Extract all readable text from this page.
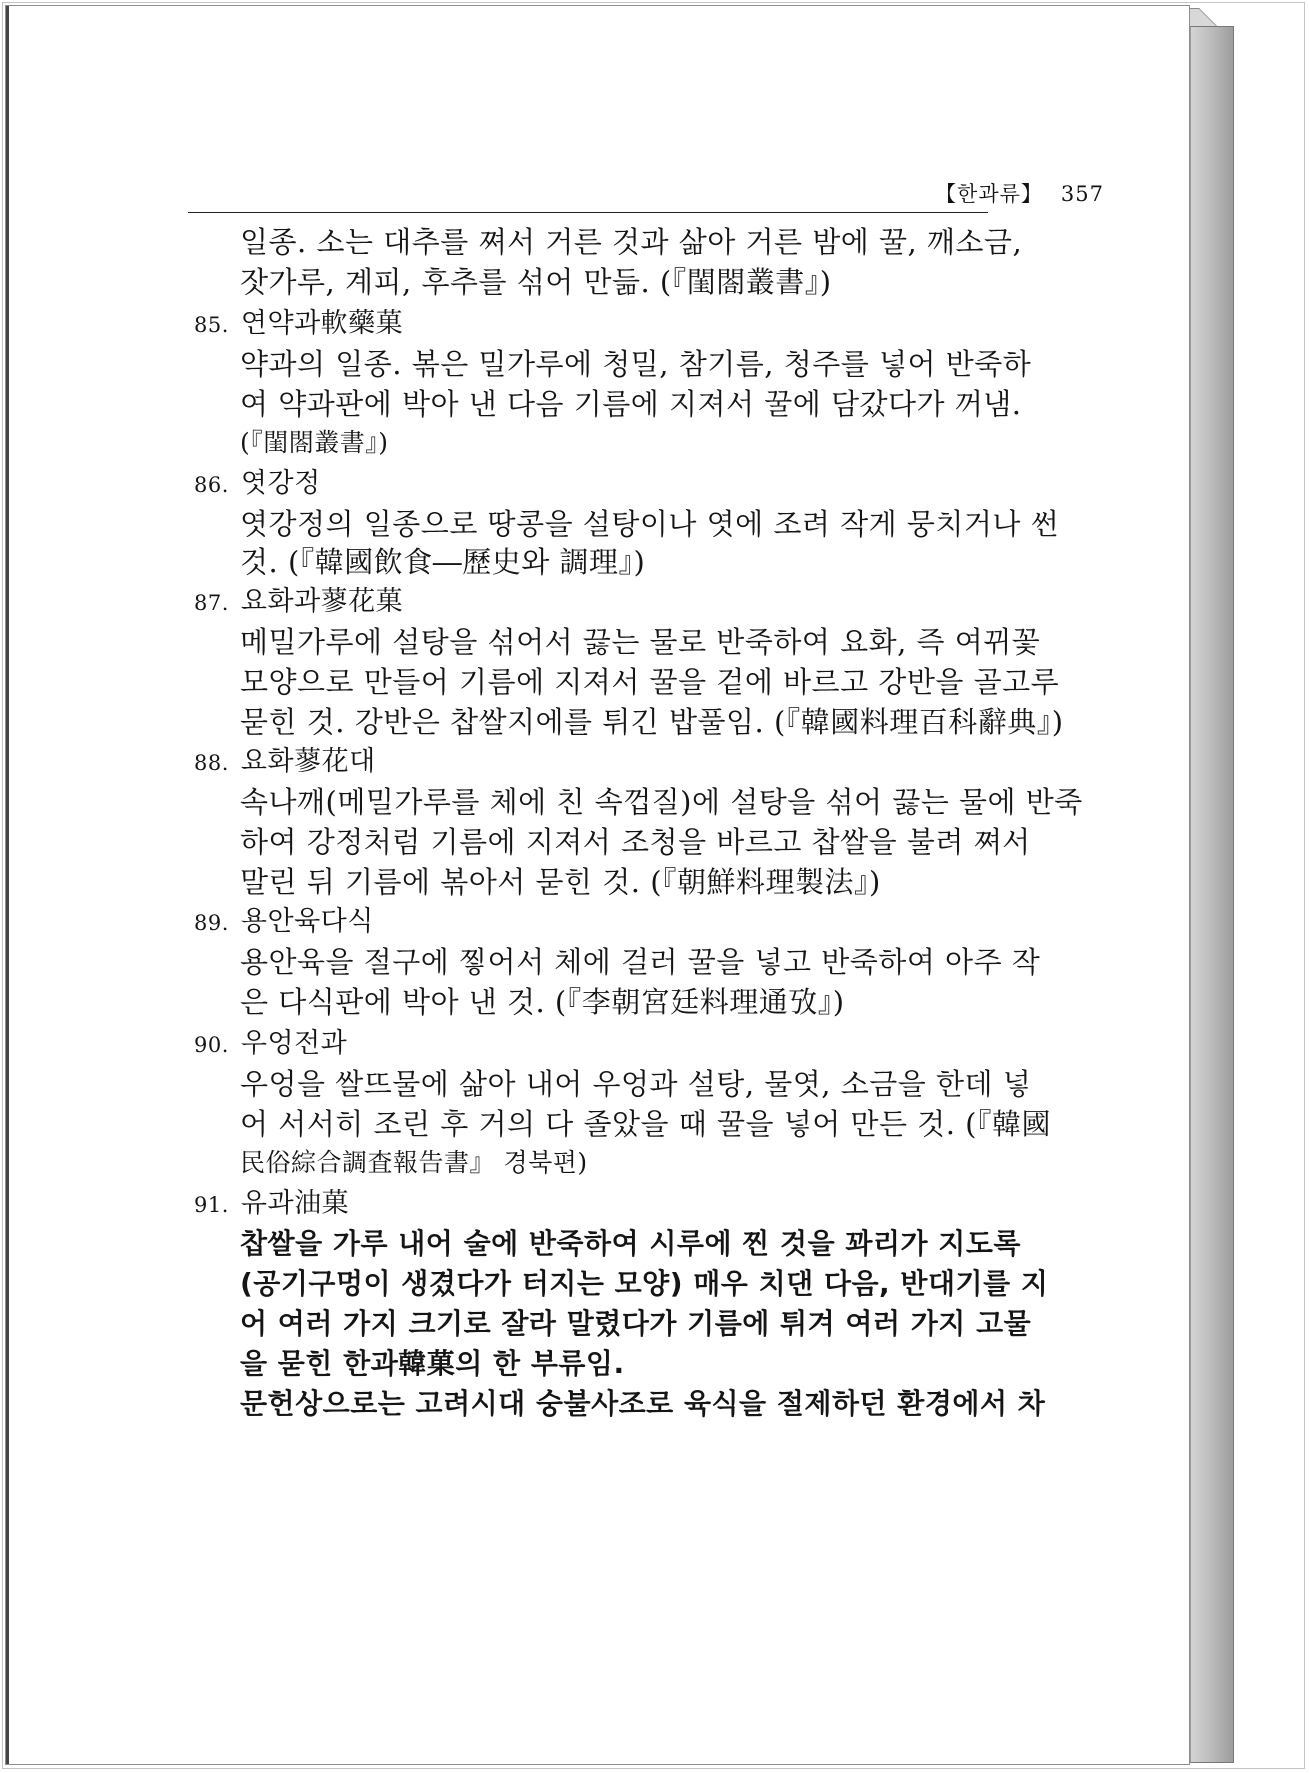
【한과류】 357
일종. 소는 대추를 쪄서 거른 것과 삶아 거른 밤에 꿀, 깨소금,
잣가루, 계피, 후추를 섞어 만듦. (『閨閤叢書』)
85. 연약과軟藥菓
약과의 일종. 볶은 밀가루에 청밀, 참기름, 청주를 넣어 반죽하
여 약과판에 박아 낸 다음 기름에 지져서 꿀에 담갔다가 꺼냄.
(『閨閤叢書』)
86. 엿강정
엿강정의 일종으로 땅콩을 설탕이나 엿에 조려 작게 뭉치거나 썬
것. (『韓國飲食―歷史와 調理』)
87. 요화과蓼花菓
메밀가루에 설탕을 섞어서 끓는 물로 반죽하여 요화, 즉 여뀌꽃
모양으로 만들어 기름에 지져서 꿀을 겉에 바르고 강반을 골고루
묻힌 것. 강반은 찹쌀지에를 튀긴 밥풀임. (『韓國料理百科辭典』)
88. 요화蓼花대
속나깨(메밀가루를 체에 친 속껍질)에 설탕을 섞어 끓는 물에 반죽
하여 강정처럼 기름에 지져서 조청을 바르고 찹쌀을 불려 쪄서
말린 뒤 기름에 볶아서 묻힌 것. (『朝鮮料理製法』)
89. 용안육다식
용안육을 절구에 찧어서 체에 걸러 꿀을 넣고 반죽하여 아주 작
은 다식판에 박아 낸 것. (『李朝宮廷料理通攷』)
90. 우엉전과
우엉을 쌀뜨물에 삶아 내어 우엉과 설탕, 물엿, 소금을 한데 넣
어 서서히 조린 후 거의 다 졸았을 때 꿀을 넣어 만든 것. (『韓國
民俗綜合調査報告書』 경북편)
91. 유과油菓
찹쌀을 가루 내어 술에 반죽하여 시루에 찐 것을 꽈리가 지도록
(공기구멍이 생겼다가 터지는 모양) 매우 치댄 다음, 반대기를 지
어 여러 가지 크기로 잘라 말렸다가 기름에 튀겨 여러 가지 고물
을 묻힌 한과韓菓의 한 부류임.
문헌상으로는 고려시대 숭불사조로 육식을 절제하던 환경에서 차
